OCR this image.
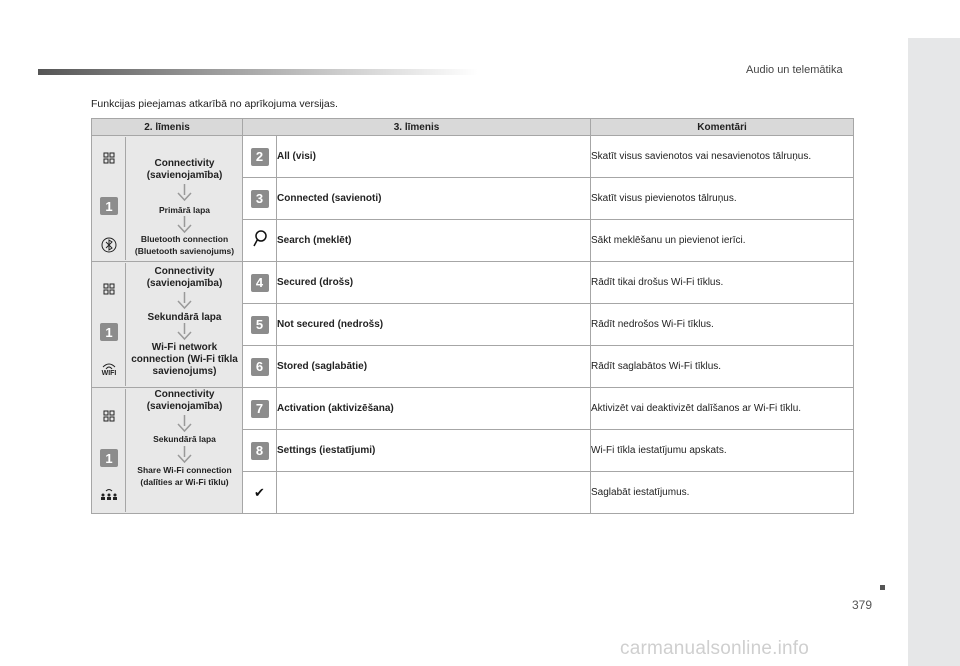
Audio un telemātika
Funkcijas pieejamas atkarībā no aprīkojuma versijas.
2. līmenis	3. līmenis		Komentāri

1
Connectivity (savienojamība)
Primārā lapa
Bluetooth connection (Bluetooth savienojums)	2	All (visi)	Skatīt visus savienotos vai nesavienotos tālruņus.
	3	Connected (savienoti)	Skatīt visus pievienotos tālruņus.
	Search (meklēt)	Sākt meklēšanu un pievienot ierīci.

1
WIFI
Connectivity (savienojamība)
Sekundārā lapa
Wi-Fi network connection (Wi-Fi tīkla savienojums)	4	Secured (drošs)	Rādīt tikai drošus Wi-Fi tīklus.
	5	Not secured (nedrošs)	Rādīt nedrošos Wi-Fi tīklus.
	6	Stored (saglabātie)	Rādīt saglabātos Wi-Fi tīklus.

1
Connectivity (savienojamība)
Sekundārā lapa
Share Wi-Fi connection (dalīties ar Wi-Fi tīklu)	7	Activation (aktivizēšana)	Aktivizēt vai deaktivizēt dalīšanos ar Wi-Fi tīklu.
	8	Settings (iestatījumi)	Wi-Fi tīkla iestatījumu apskats.
	✔		Saglabāt iestatījumus.
379
carmanualsonline.info
